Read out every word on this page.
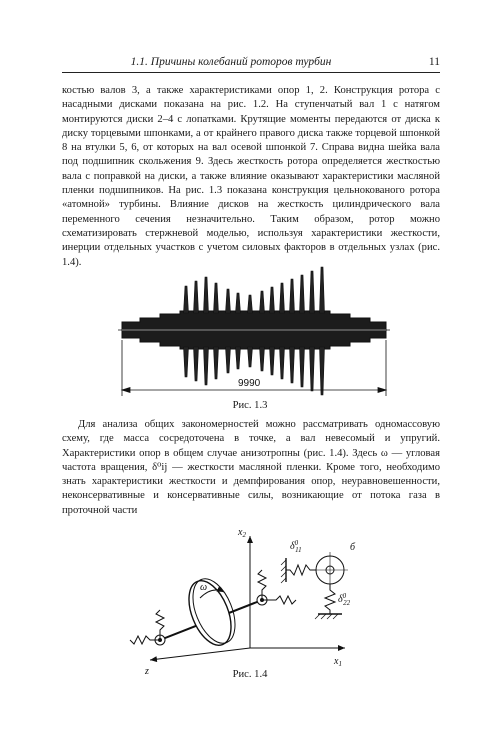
1.1. Причины колебаний роторов турбин	11

костью валов 3, а также характеристиками опор 1, 2. Конструкция ротора с насадными дисками показана на рис. 1.2. На ступенчатый вал 1 с натягом монтируются диски 2–4 с лопатками. Крутящие моменты передаются от диска к диску торцевыми шпонками, а от крайнего правого диска также торцевой шпонкой 8 на втулки 5, 6, от которых на вал осевой шпонкой 7. Справа видна шейка вала под подшипник скольжения 9. Здесь жесткость ротора определяется жесткостью вала с поправкой на диски, а также влияние оказывают характеристики масляной пленки подшипников. На рис. 1.3 показана конструкция цельнокованого ротора «атомной» турбины. Влияние дисков на жесткость цилиндрического вала переменного сечения незначительно. Таким образом, ротор можно схематизировать стержневой моделью, используя характеристики жесткости, инерции отдельных участков с учетом силовых факторов в отдельных узлах (рис. 1.4).

9990
Рис. 1.3

Для анализа общих закономерностей можно рассматривать одномассовую схему, где масса сосредоточена в точке, а вал невесомый и упругий. Характеристики опор в общем случае анизотропны (рис. 1.4). Здесь ω — угловая частота вращения, δ⁰ij — жесткости масляной пленки. Кроме того, необходимо знать характеристики жесткости и демпфирования опор, неуравновешенности, неконсервативные и консервативные силы, возникающие от потока газа в проточной части

$x_2$
$x_1$
z
ω
$\delta^0$ 11
$\delta^0$ 22
б
Рис. 1.4
